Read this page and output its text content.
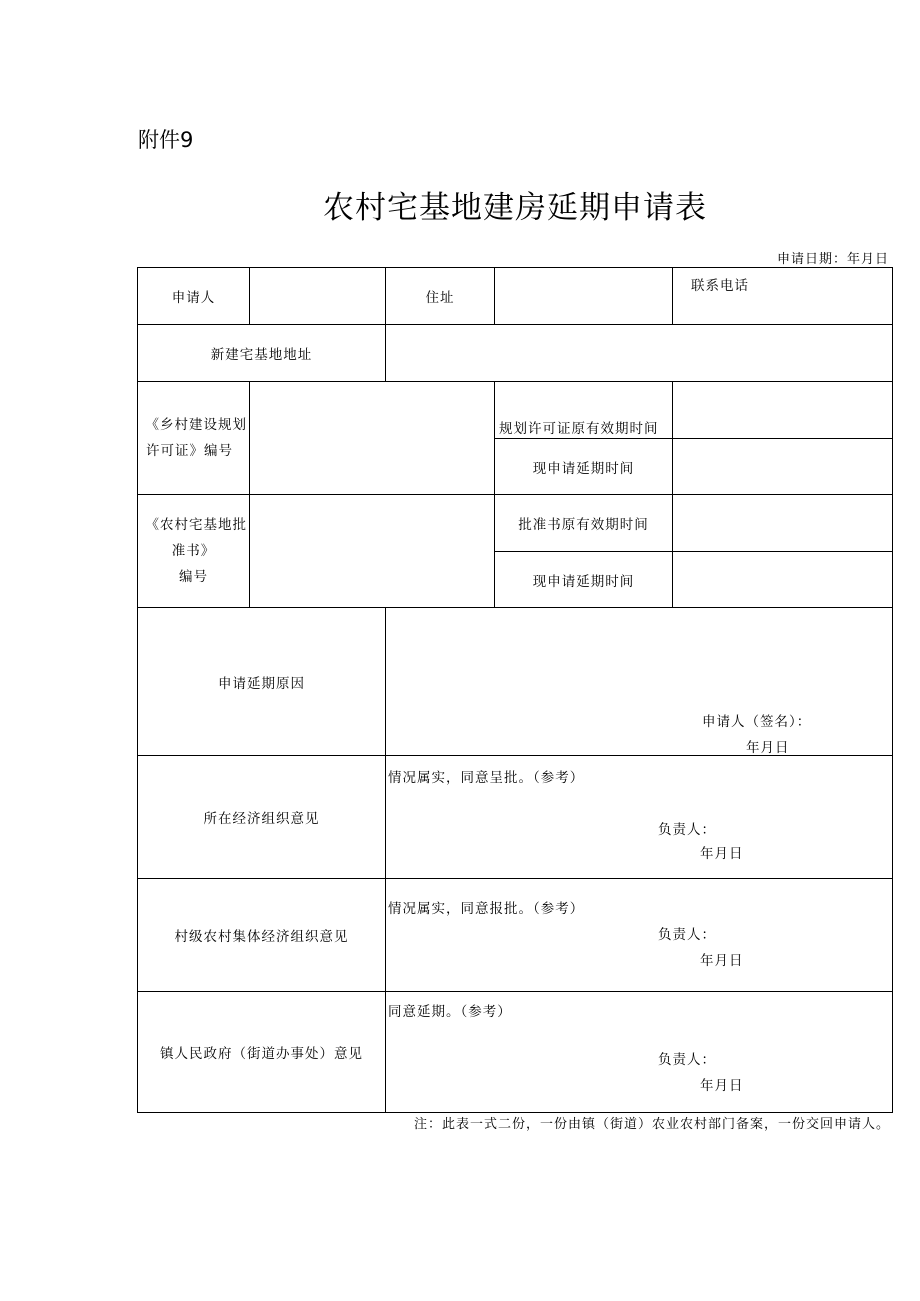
附件9
农村宅基地建房延期申请表
申请日期：年月日
申请人		住址		联系电话

新建宅基地地址				

《乡村建设规划
许可证》编号			规划许可证原有效期时间	

			现申请延期时间	

《农村宅基地批
准书》
编号			批准书原有效期时间	
			现申请延期时间	
申请延期原因		申请人（签名）：
年月日		

所在经济组织意见		情况属实，同意呈批。（参考）
负责人：
年月日		

村级农村集体经济组织意见		情况属实，同意报批。（参考）
负责人：
年月日		

镇人民政府（街道办事处）意见		同意延期。（参考）
负责人：
年月日		
注：此表一式二份，一份由镇（街道）农业农村部门备案，一份交回申请人。
